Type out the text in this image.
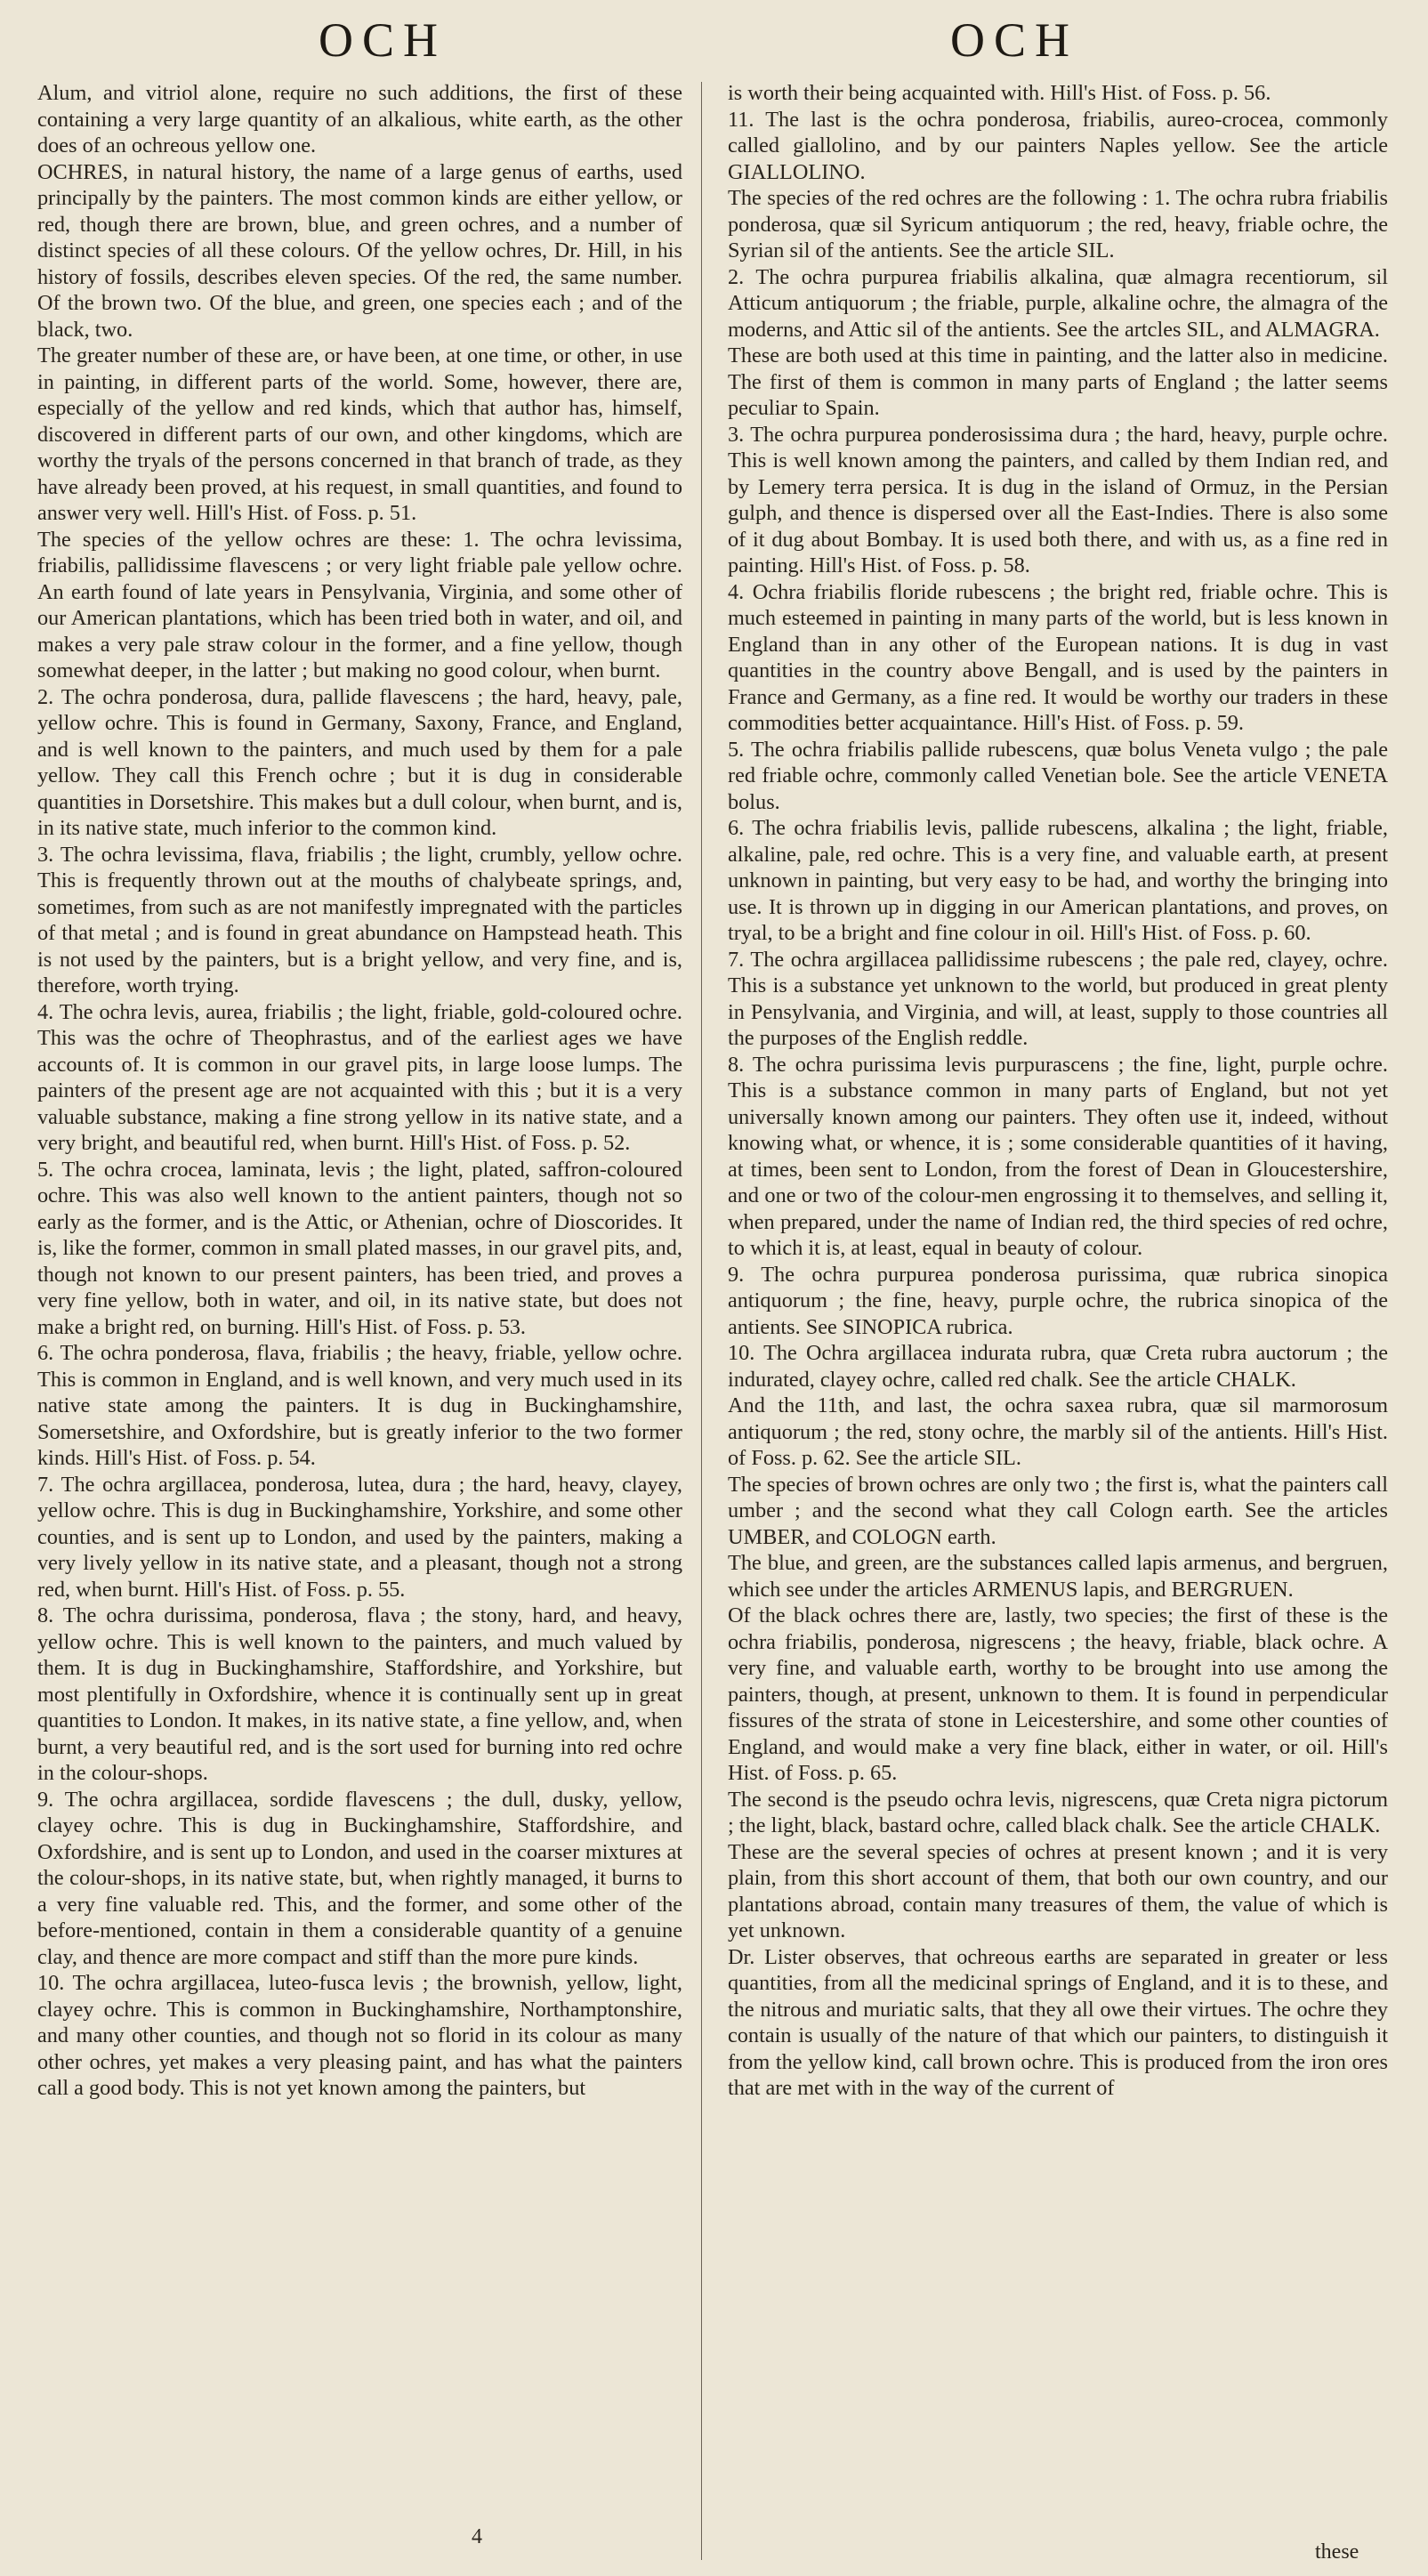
OCH	OCH

Alum, and vitriol alone, require no such additions, the first of these containing a very large quantity of an alkalious, white earth, as the other does of an ochreous yellow one.

OCHRES, in natural history, the name of a large genus of earths, used principally by the painters. The most common kinds are either yellow, or red, though there are brown, blue, and green ochres, and a number of distinct species of all these colours. Of the yellow ochres, Dr. Hill, in his history of fossils, describes eleven species. Of the red, the same number. Of the brown two. Of the blue, and green, one species each ; and of the black, two.

The greater number of these are, or have been, at one time, or other, in use in painting, in different parts of the world. Some, however, there are, especially of the yellow and red kinds, which that author has, himself, discovered in different parts of our own, and other kingdoms, which are worthy the tryals of the persons concerned in that branch of trade, as they have already been proved, at his request, in small quantities, and found to answer very well. Hill's Hist. of Foss. p. 51.

The species of the yellow ochres are these: 1. The ochra levissima, friabilis, pallidissime flavescens ; or very light friable pale yellow ochre. An earth found of late years in Pensylvania, Virginia, and some other of our American plantations, which has been tried both in water, and oil, and makes a very pale straw colour in the former, and a fine yellow, though somewhat deeper, in the latter ; but making no good colour, when burnt.

2. The ochra ponderosa, dura, pallide flavescens ; the hard, heavy, pale, yellow ochre. This is found in Germany, Saxony, France, and England, and is well known to the painters, and much used by them for a pale yellow. They call this French ochre ; but it is dug in considerable quantities in Dorsetshire. This makes but a dull colour, when burnt, and is, in its native state, much inferior to the common kind.

3. The ochra levissima, flava, friabilis ; the light, crumbly, yellow ochre. This is frequently thrown out at the mouths of chalybeate springs, and, sometimes, from such as are not manifestly impregnated with the particles of that metal ; and is found in great abundance on Hampstead heath. This is not used by the painters, but is a bright yellow, and very fine, and is, therefore, worth trying.

4. The ochra levis, aurea, friabilis ; the light, friable, gold-coloured ochre. This was the ochre of Theophrastus, and of the earliest ages we have accounts of. It is common in our gravel pits, in large loose lumps. The painters of the present age are not acquainted with this ; but it is a very valuable substance, making a fine strong yellow in its native state, and a very bright, and beautiful red, when burnt. Hill's Hist. of Foss. p. 52.

5. The ochra crocea, laminata, levis ; the light, plated, saffron-coloured ochre. This was also well known to the antient painters, though not so early as the former, and is the Attic, or Athenian, ochre of Dioscorides. It is, like the former, common in small plated masses, in our gravel pits, and, though not known to our present painters, has been tried, and proves a very fine yellow, both in water, and oil, in its native state, but does not make a bright red, on burning. Hill's Hist. of Foss. p. 53.

6. The ochra ponderosa, flava, friabilis ; the heavy, friable, yellow ochre. This is common in England, and is well known, and very much used in its native state among the painters. It is dug in Buckinghamshire, Somersetshire, and Oxfordshire, but is greatly inferior to the two former kinds. Hill's Hist. of Foss. p. 54.

7. The ochra argillacea, ponderosa, lutea, dura ; the hard, heavy, clayey, yellow ochre. This is dug in Buckinghamshire, Yorkshire, and some other counties, and is sent up to London, and used by the painters, making a very lively yellow in its native state, and a pleasant, though not a strong red, when burnt. Hill's Hist. of Foss. p. 55.

8. The ochra durissima, ponderosa, flava ; the stony, hard, and heavy, yellow ochre. This is well known to the painters, and much valued by them. It is dug in Buckinghamshire, Staffordshire, and Yorkshire, but most plentifully in Oxfordshire, whence it is continually sent up in great quantities to London. It makes, in its native state, a fine yellow, and, when burnt, a very beautiful red, and is the sort used for burning into red ochre in the colour-shops.

9. The ochra argillacea, sordide flavescens ; the dull, dusky, yellow, clayey ochre. This is dug in Buckinghamshire, Staffordshire, and Oxfordshire, and is sent up to London, and used in the coarser mixtures at the colour-shops, in its native state, but, when rightly managed, it burns to a very fine valuable red. This, and the former, and some other of the before-mentioned, contain in them a considerable quantity of a genuine clay, and thence are more compact and stiff than the more pure kinds.

10. The ochra argillacea, luteo-fusca levis ; the brownish, yellow, light, clayey ochre. This is common in Buckinghamshire, Northamptonshire, and many other counties, and though not so florid in its colour as many other ochres, yet makes a very pleasing paint, and has what the painters call a good body. This is not yet known among the painters, but

is worth their being acquainted with. Hill's Hist. of Foss. p. 56.

11. The last is the ochra ponderosa, friabilis, aureo-crocea, commonly called giallolino, and by our painters Naples yellow. See the article GIALLOLINO.

The species of the red ochres are the following : 1. The ochra rubra friabilis ponderosa, quæ sil Syricum antiquorum ; the red, heavy, friable ochre, the Syrian sil of the antients. See the article SIL.

2. The ochra purpurea friabilis alkalina, quæ almagra recentiorum, sil Atticum antiquorum ; the friable, purple, alkaline ochre, the almagra of the moderns, and Attic sil of the antients. See the artcles SIL, and ALMAGRA.

These are both used at this time in painting, and the latter also in medicine. The first of them is common in many parts of England ; the latter seems peculiar to Spain.

3. The ochra purpurea ponderosissima dura ; the hard, heavy, purple ochre. This is well known among the painters, and called by them Indian red, and by Lemery terra persica. It is dug in the island of Ormuz, in the Persian gulph, and thence is dispersed over all the East-Indies. There is also some of it dug about Bombay. It is used both there, and with us, as a fine red in painting. Hill's Hist. of Foss. p. 58.

4. Ochra friabilis floride rubescens ; the bright red, friable ochre. This is much esteemed in painting in many parts of the world, but is less known in England than in any other of the European nations. It is dug in vast quantities in the country above Bengall, and is used by the painters in France and Germany, as a fine red. It would be worthy our traders in these commodities better acquaintance. Hill's Hist. of Foss. p. 59.

5. The ochra friabilis pallide rubescens, quæ bolus Veneta vulgo ; the pale red friable ochre, commonly called Venetian bole. See the article VENETA bolus.

6. The ochra friabilis levis, pallide rubescens, alkalina ; the light, friable, alkaline, pale, red ochre. This is a very fine, and valuable earth, at present unknown in painting, but very easy to be had, and worthy the bringing into use. It is thrown up in digging in our American plantations, and proves, on tryal, to be a bright and fine colour in oil. Hill's Hist. of Foss. p. 60.

7. The ochra argillacea pallidissime rubescens ; the pale red, clayey, ochre. This is a substance yet unknown to the world, but produced in great plenty in Pensylvania, and Virginia, and will, at least, supply to those countries all the purposes of the English reddle.

8. The ochra purissima levis purpurascens ; the fine, light, purple ochre. This is a substance common in many parts of England, but not yet universally known among our painters. They often use it, indeed, without knowing what, or whence, it is ; some considerable quantities of it having, at times, been sent to London, from the forest of Dean in Gloucestershire, and one or two of the colour-men engrossing it to themselves, and selling it, when prepared, under the name of Indian red, the third species of red ochre, to which it is, at least, equal in beauty of colour.

9. The ochra purpurea ponderosa purissima, quæ rubrica sinopica antiquorum ; the fine, heavy, purple ochre, the rubrica sinopica of the antients. See SINOPICA rubrica.

10. The Ochra argillacea indurata rubra, quæ Creta rubra auctorum ; the indurated, clayey ochre, called red chalk. See the article CHALK.

And the 11th, and last, the ochra saxea rubra, quæ sil marmorosum antiquorum ; the red, stony ochre, the marbly sil of the antients. Hill's Hist. of Foss. p. 62. See the article SIL.

The species of brown ochres are only two ; the first is, what the painters call umber ; and the second what they call Cologn earth. See the articles UMBER, and COLOGN earth.

The blue, and green, are the substances called lapis armenus, and bergruen, which see under the articles ARMENUS lapis, and BERGRUEN.

Of the black ochres there are, lastly, two species; the first of these is the ochra friabilis, ponderosa, nigrescens ; the heavy, friable, black ochre. A very fine, and valuable earth, worthy to be brought into use among the painters, though, at present, unknown to them. It is found in perpendicular fissures of the strata of stone in Leicestershire, and some other counties of England, and would make a very fine black, either in water, or oil. Hill's Hist. of Foss. p. 65.

The second is the pseudo ochra levis, nigrescens, quæ Creta nigra pictorum ; the light, black, bastard ochre, called black chalk. See the article CHALK.

These are the several species of ochres at present known ; and it is very plain, from this short account of them, that both our own country, and our plantations abroad, contain many treasures of them, the value of which is yet unknown.

Dr. Lister observes, that ochreous earths are separated in greater or less quantities, from all the medicinal springs of England, and it is to these, and the nitrous and muriatic salts, that they all owe their virtues. The ochre they contain is usually of the nature of that which our painters, to distinguish it from the yellow kind, call brown ochre. This is produced from the iron ores that are met with in the way of the current of

4
these
